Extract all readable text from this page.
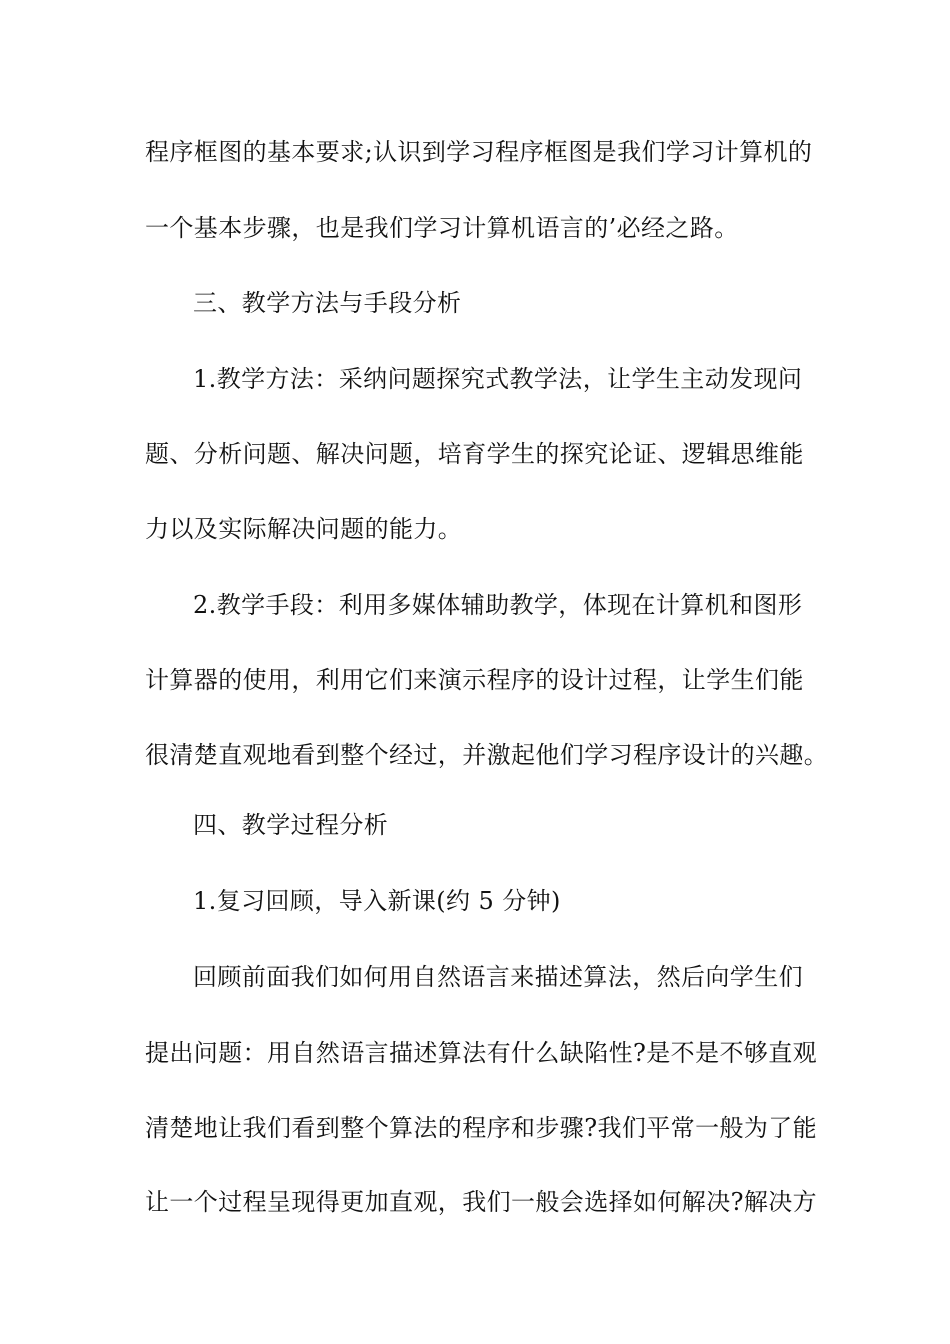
程序框图的基本要求;认识到学习程序框图是我们学习计算机的
一个基本步骤，也是我们学习计算机语言的’必经之路。
三、教学方法与手段分析
1.教学方法：采纳问题探究式教学法，让学生主动发现问
题、分析问题、解决问题，培育学生的探究论证、逻辑思维能
力以及实际解决问题的能力。
2.教学手段：利用多媒体辅助教学，体现在计算机和图形
计算器的使用，利用它们来演示程序的设计过程，让学生们能
很清楚直观地看到整个经过，并激起他们学习程序设计的兴趣。
四、教学过程分析
1.复习回顾，导入新课(约 5 分钟)
回顾前面我们如何用自然语言来描述算法，然后向学生们
提出问题：用自然语言描述算法有什么缺陷性?是不是不够直观
清楚地让我们看到整个算法的程序和步骤?我们平常一般为了能
让一个过程呈现得更加直观，我们一般会选择如何解决?解决方
